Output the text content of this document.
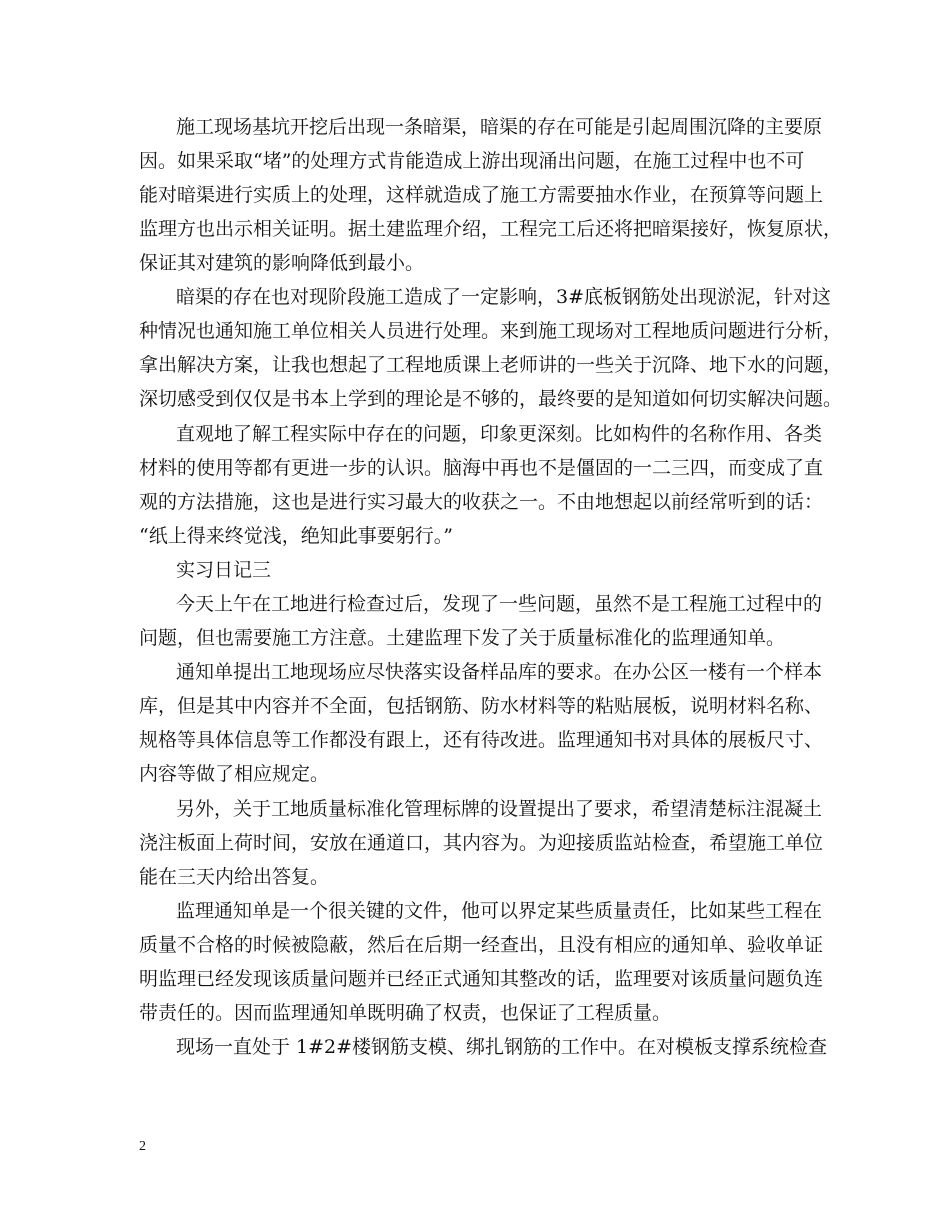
施工现场基坑开挖后出现一条暗渠，暗渠的存在可能是引起周围沉降的主要原
因。如果采取“堵”的处理方式肯能造成上游出现涌出问题，在施工过程中也不可
能对暗渠进行实质上的处理，这样就造成了施工方需要抽水作业，在预算等问题上
监理方也出示相关证明。据土建监理介绍，工程完工后还将把暗渠接好，恢复原状，
保证其对建筑的影响降低到最小。
暗渠的存在也对现阶段施工造成了一定影响，3#底板钢筋处出现淤泥，针对这
种情况也通知施工单位相关人员进行处理。来到施工现场对工程地质问题进行分析，
拿出解决方案，让我也想起了工程地质课上老师讲的一些关于沉降、地下水的问题，
深切感受到仅仅是书本上学到的理论是不够的，最终要的是知道如何切实解决问题。
直观地了解工程实际中存在的问题，印象更深刻。比如构件的名称作用、各类
材料的使用等都有更进一步的认识。脑海中再也不是僵固的一二三四，而变成了直
观的方法措施，这也是进行实习最大的收获之一。不由地想起以前经常听到的话：
“纸上得来终觉浅，绝知此事要躬行。”
实习日记三
今天上午在工地进行检查过后，发现了一些问题，虽然不是工程施工过程中的
问题，但也需要施工方注意。土建监理下发了关于质量标准化的监理通知单。
通知单提出工地现场应尽快落实设备样品库的要求。在办公区一楼有一个样本
库，但是其中内容并不全面，包括钢筋、防水材料等的粘贴展板，说明材料名称、
规格等具体信息等工作都没有跟上，还有待改进。监理通知书对具体的展板尺寸、
内容等做了相应规定。
另外，关于工地质量标准化管理标牌的设置提出了要求，希望清楚标注混凝土
浇注板面上荷时间，安放在通道口，其内容为。为迎接质监站检查，希望施工单位
能在三天内给出答复。
监理通知单是一个很关键的文件，他可以界定某些质量责任，比如某些工程在
质量不合格的时候被隐蔽，然后在后期一经查出，且没有相应的通知单、验收单证
明监理已经发现该质量问题并已经正式通知其整改的话，监理要对该质量问题负连
带责任的。因而监理通知单既明确了权责，也保证了工程质量。
现场一直处于 1#2#楼钢筋支模、绑扎钢筋的工作中。在对模板支撑系统检查
2
